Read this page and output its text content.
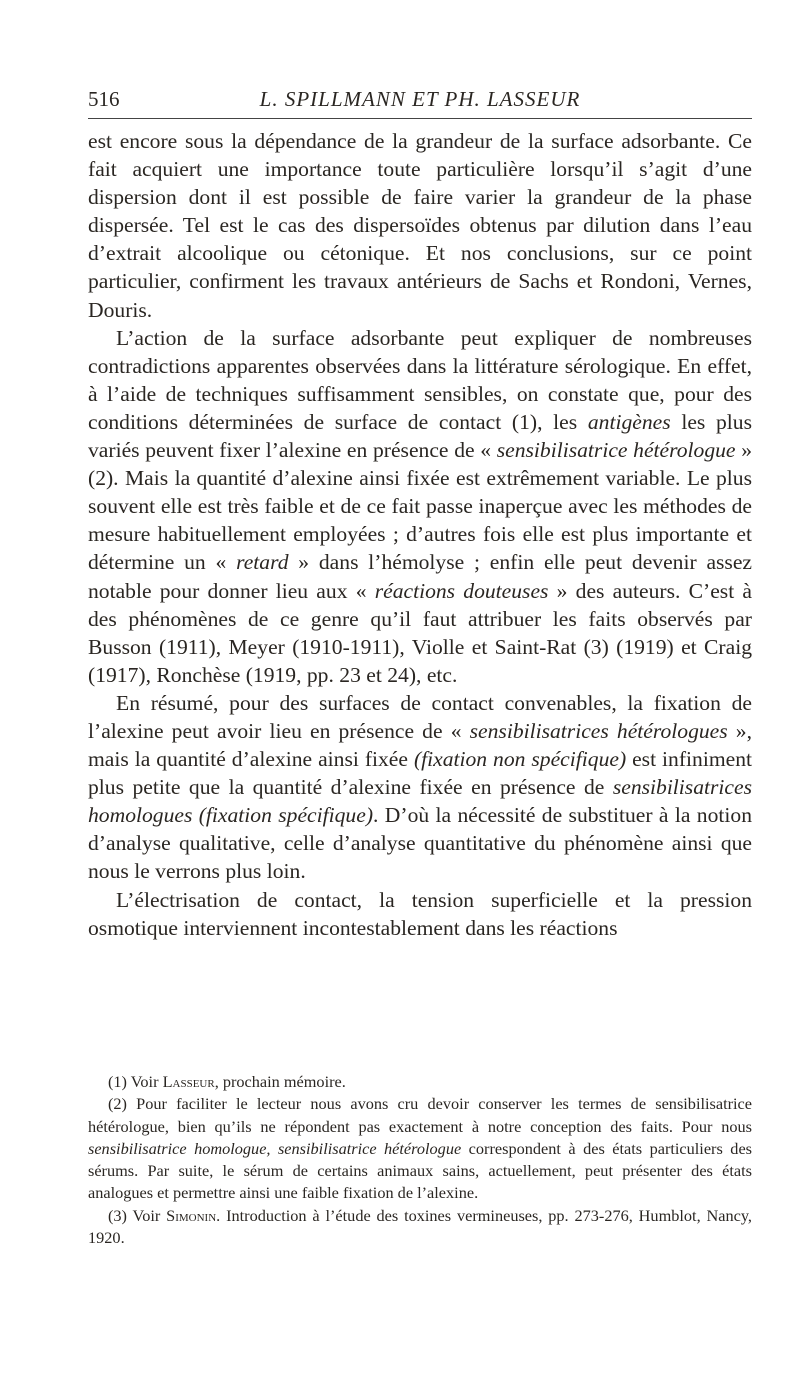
516	L. SPILLMANN ET PH. LASSEUR

est encore sous la dépendance de la grandeur de la surface adsorbante. Ce fait acquiert une importance toute particulière lorsqu’il s’agit d’une dispersion dont il est possible de faire varier la grandeur de la phase dispersée. Tel est le cas des dispersoïdes obtenus par dilution dans l’eau d’extrait alcoolique ou cétonique. Et nos conclusions, sur ce point particulier, confirment les travaux antérieurs de Sachs et Rondoni, Vernes, Douris.

L’action de la surface adsorbante peut expliquer de nombreuses contradictions apparentes observées dans la littérature sérologique. En effet, à l’aide de techniques suffisamment sensibles, on constate que, pour des conditions déterminées de surface de contact (1), les antigènes les plus variés peuvent fixer l’alexine en présence de « sensibilisatrice hétérologue » (2). Mais la quantité d’alexine ainsi fixée est extrêmement variable. Le plus souvent elle est très faible et de ce fait passe inaperçue avec les méthodes de mesure habituellement employées ; d’autres fois elle est plus importante et détermine un « retard » dans l’hémolyse ; enfin elle peut devenir assez notable pour donner lieu aux « réactions douteuses » des auteurs. C’est à des phénomènes de ce genre qu’il faut attribuer les faits observés par Busson (1911), Meyer (1910-1911), Violle et Saint-Rat (3) (1919) et Craig (1917), Ronchèse (1919, pp. 23 et 24), etc.

En résumé, pour des surfaces de contact convenables, la fixation de l’alexine peut avoir lieu en présence de « sensibilisatrices hétérologues », mais la quantité d’alexine ainsi fixée (fixation non spécifique) est infiniment plus petite que la quantité d’alexine fixée en présence de sensibilisatrices homologues (fixation spécifique). D’où la nécessité de substituer à la notion d’analyse qualitative, celle d’analyse quantitative du phénomène ainsi que nous le verrons plus loin.

L’électrisation de contact, la tension superficielle et la pression osmotique interviennent incontestablement dans les réactions

(1) Voir Lasseur, prochain mémoire.

(2) Pour faciliter le lecteur nous avons cru devoir conserver les termes de sensibilisatrice hétérologue, bien qu’ils ne répondent pas exactement à notre conception des faits. Pour nous sensibilisatrice homologue, sensibilisatrice hétérologue correspondent à des états particuliers des sérums. Par suite, le sérum de certains animaux sains, actuellement, peut présenter des états analogues et permettre ainsi une faible fixation de l’alexine.

(3) Voir Simonin. Introduction à l’étude des toxines vermineuses, pp. 273-276, Humblot, Nancy, 1920.
